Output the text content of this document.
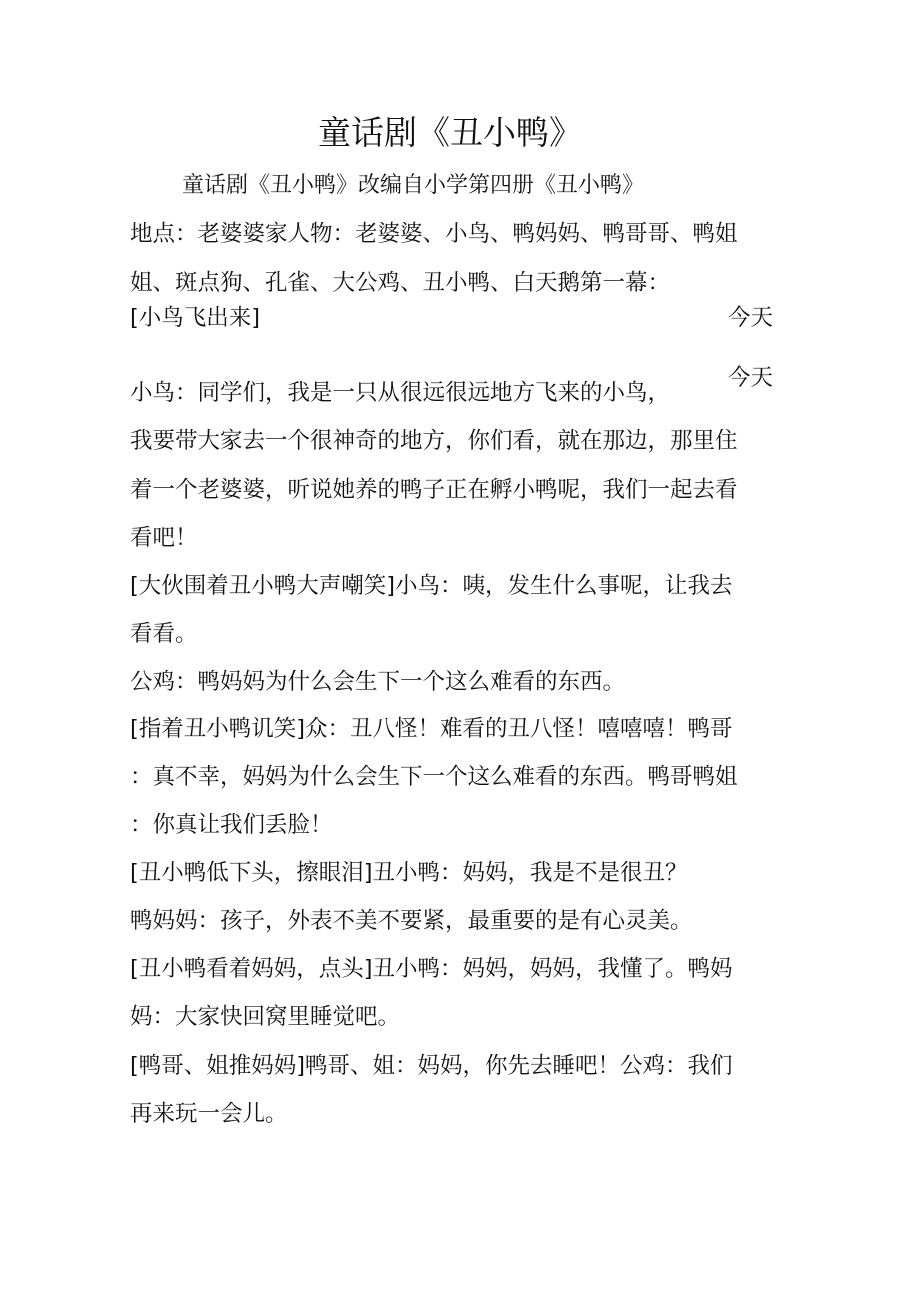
童话剧《丑小鸭》
童话剧《丑小鸭》改编自小学第四册《丑小鸭》
地点：老婆婆家人物：老婆婆、小鸟、鸭妈妈、鸭哥哥、鸭姐
姐、斑点狗、孔雀、大公鸡、丑小鸭、白天鹅第一幕：
[小鸟飞出来]	今天
今天
小鸟：同学们，我是一只从很远很远地方飞来的小鸟，
我要带大家去一个很神奇的地方，你们看，就在那边，那里住
着一个老婆婆，听说她养的鸭子正在孵小鸭呢，我们一起去看
看吧！
[大伙围着丑小鸭大声嘲笑]小鸟：咦，发生什么事呢，让我去
看看。
公鸡：鸭妈妈为什么会生下一个这么难看的东西。
[指着丑小鸭讥笑]众：丑八怪！难看的丑八怪！嘻嘻嘻！鸭哥
：真不幸，妈妈为什么会生下一个这么难看的东西。鸭哥鸭姐
：你真让我们丢脸！
[丑小鸭低下头，擦眼泪]丑小鸭：妈妈，我是不是很丑？
鸭妈妈：孩子，外表不美不要紧，最重要的是有心灵美。
[丑小鸭看着妈妈，点头]丑小鸭：妈妈，妈妈，我懂了。鸭妈
妈：大家快回窝里睡觉吧。
[鸭哥、姐推妈妈]鸭哥、姐：妈妈，你先去睡吧！公鸡：我们
再来玩一会儿。
